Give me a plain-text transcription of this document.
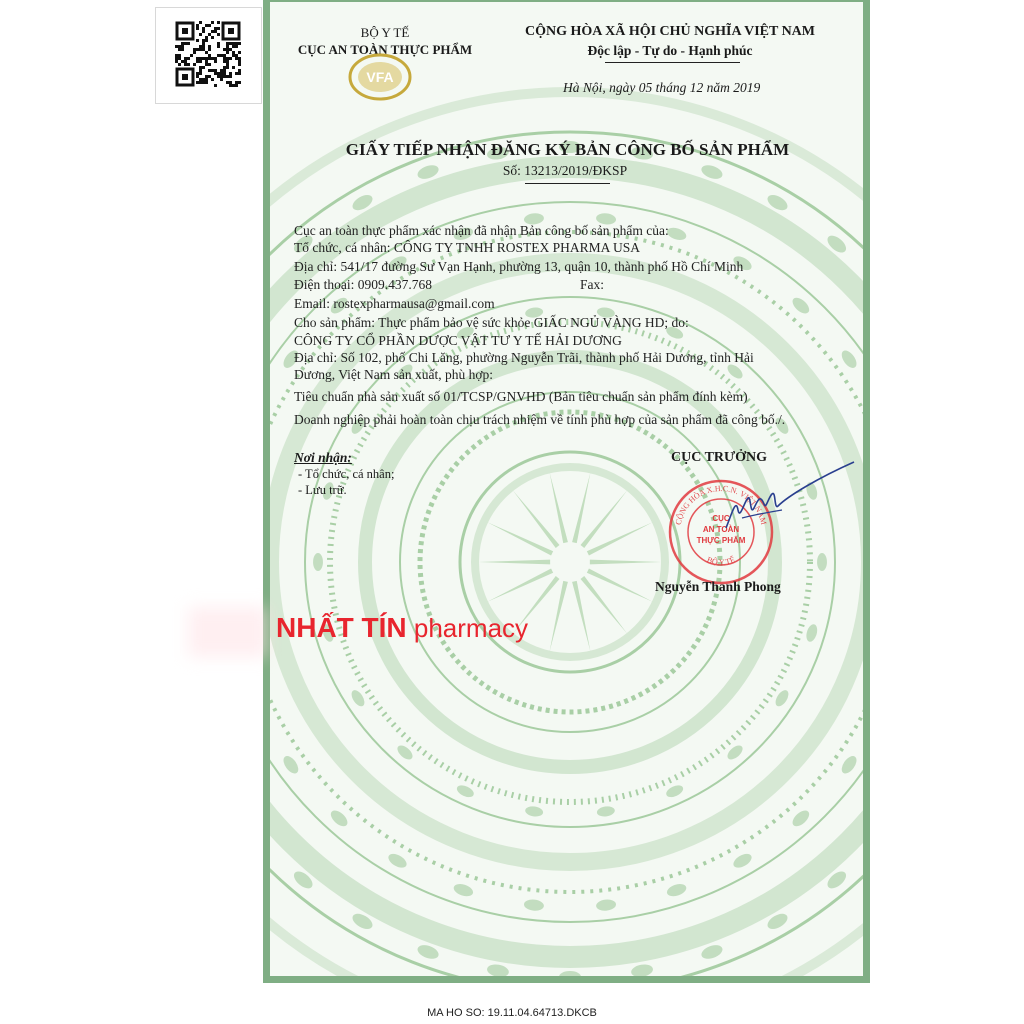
BỘ Y TẾ
CỤC AN TOÀN THỰC PHẨM
VFA
CỘNG HÒA XÃ HỘI CHỦ NGHĨA VIỆT NAM
Độc lập - Tự do - Hạnh phúc
Hà Nội, ngày 05 tháng 12 năm 2019
GIẤY TIẾP NHẬN ĐĂNG KÝ BẢN CÔNG BỐ SẢN PHẨM
Số: 13213/2019/ĐKSP
Cục an toàn thực phẩm xác nhận đã nhận Bản công bố sản phẩm của:
Tổ chức, cá nhân: CÔNG TY TNHH ROSTEX PHARMA USA
Địa chỉ: 541/17 đường Sư Vạn Hạnh, phường 13, quận 10, thành phố Hồ Chí Minh
Điện thoại: 0909.437.768	Fax:
Email: rostexpharmausa@gmail.com
Cho sản phẩm: Thực phẩm bảo vệ sức khỏe GIẤC NGỦ VÀNG HD; do:
CÔNG TY CỔ PHẦN DƯỢC VẬT TƯ Y TẾ HẢI DƯƠNG
Địa chỉ: Số 102, phố Chi Lăng, phường Nguyễn Trãi, thành phố Hải Dương, tỉnh Hải
Dương, Việt Nam sản xuất, phù hợp:
Tiêu chuẩn nhà sản xuất số 01/TCSP/GNVHD (Bản tiêu chuẩn sản phẩm đính kèm)
Doanh nghiệp phải hoàn toàn chịu trách nhiệm về tính phù hợp của sản phẩm đã công bố./.
Nơi nhận:
- Tổ chức, cá nhân;
- Lưu trữ.
CỤC TRƯỞNG
CỘNG HÒA X.H.C.N. VIỆT NAM
BỘ Y TẾ
CỤC
AN TOÀN
THỰC PHẨM
Nguyễn Thanh Phong
NHẤT TÍN pharmacy
MA HO SO: 19.11.04.64713.DKCB
